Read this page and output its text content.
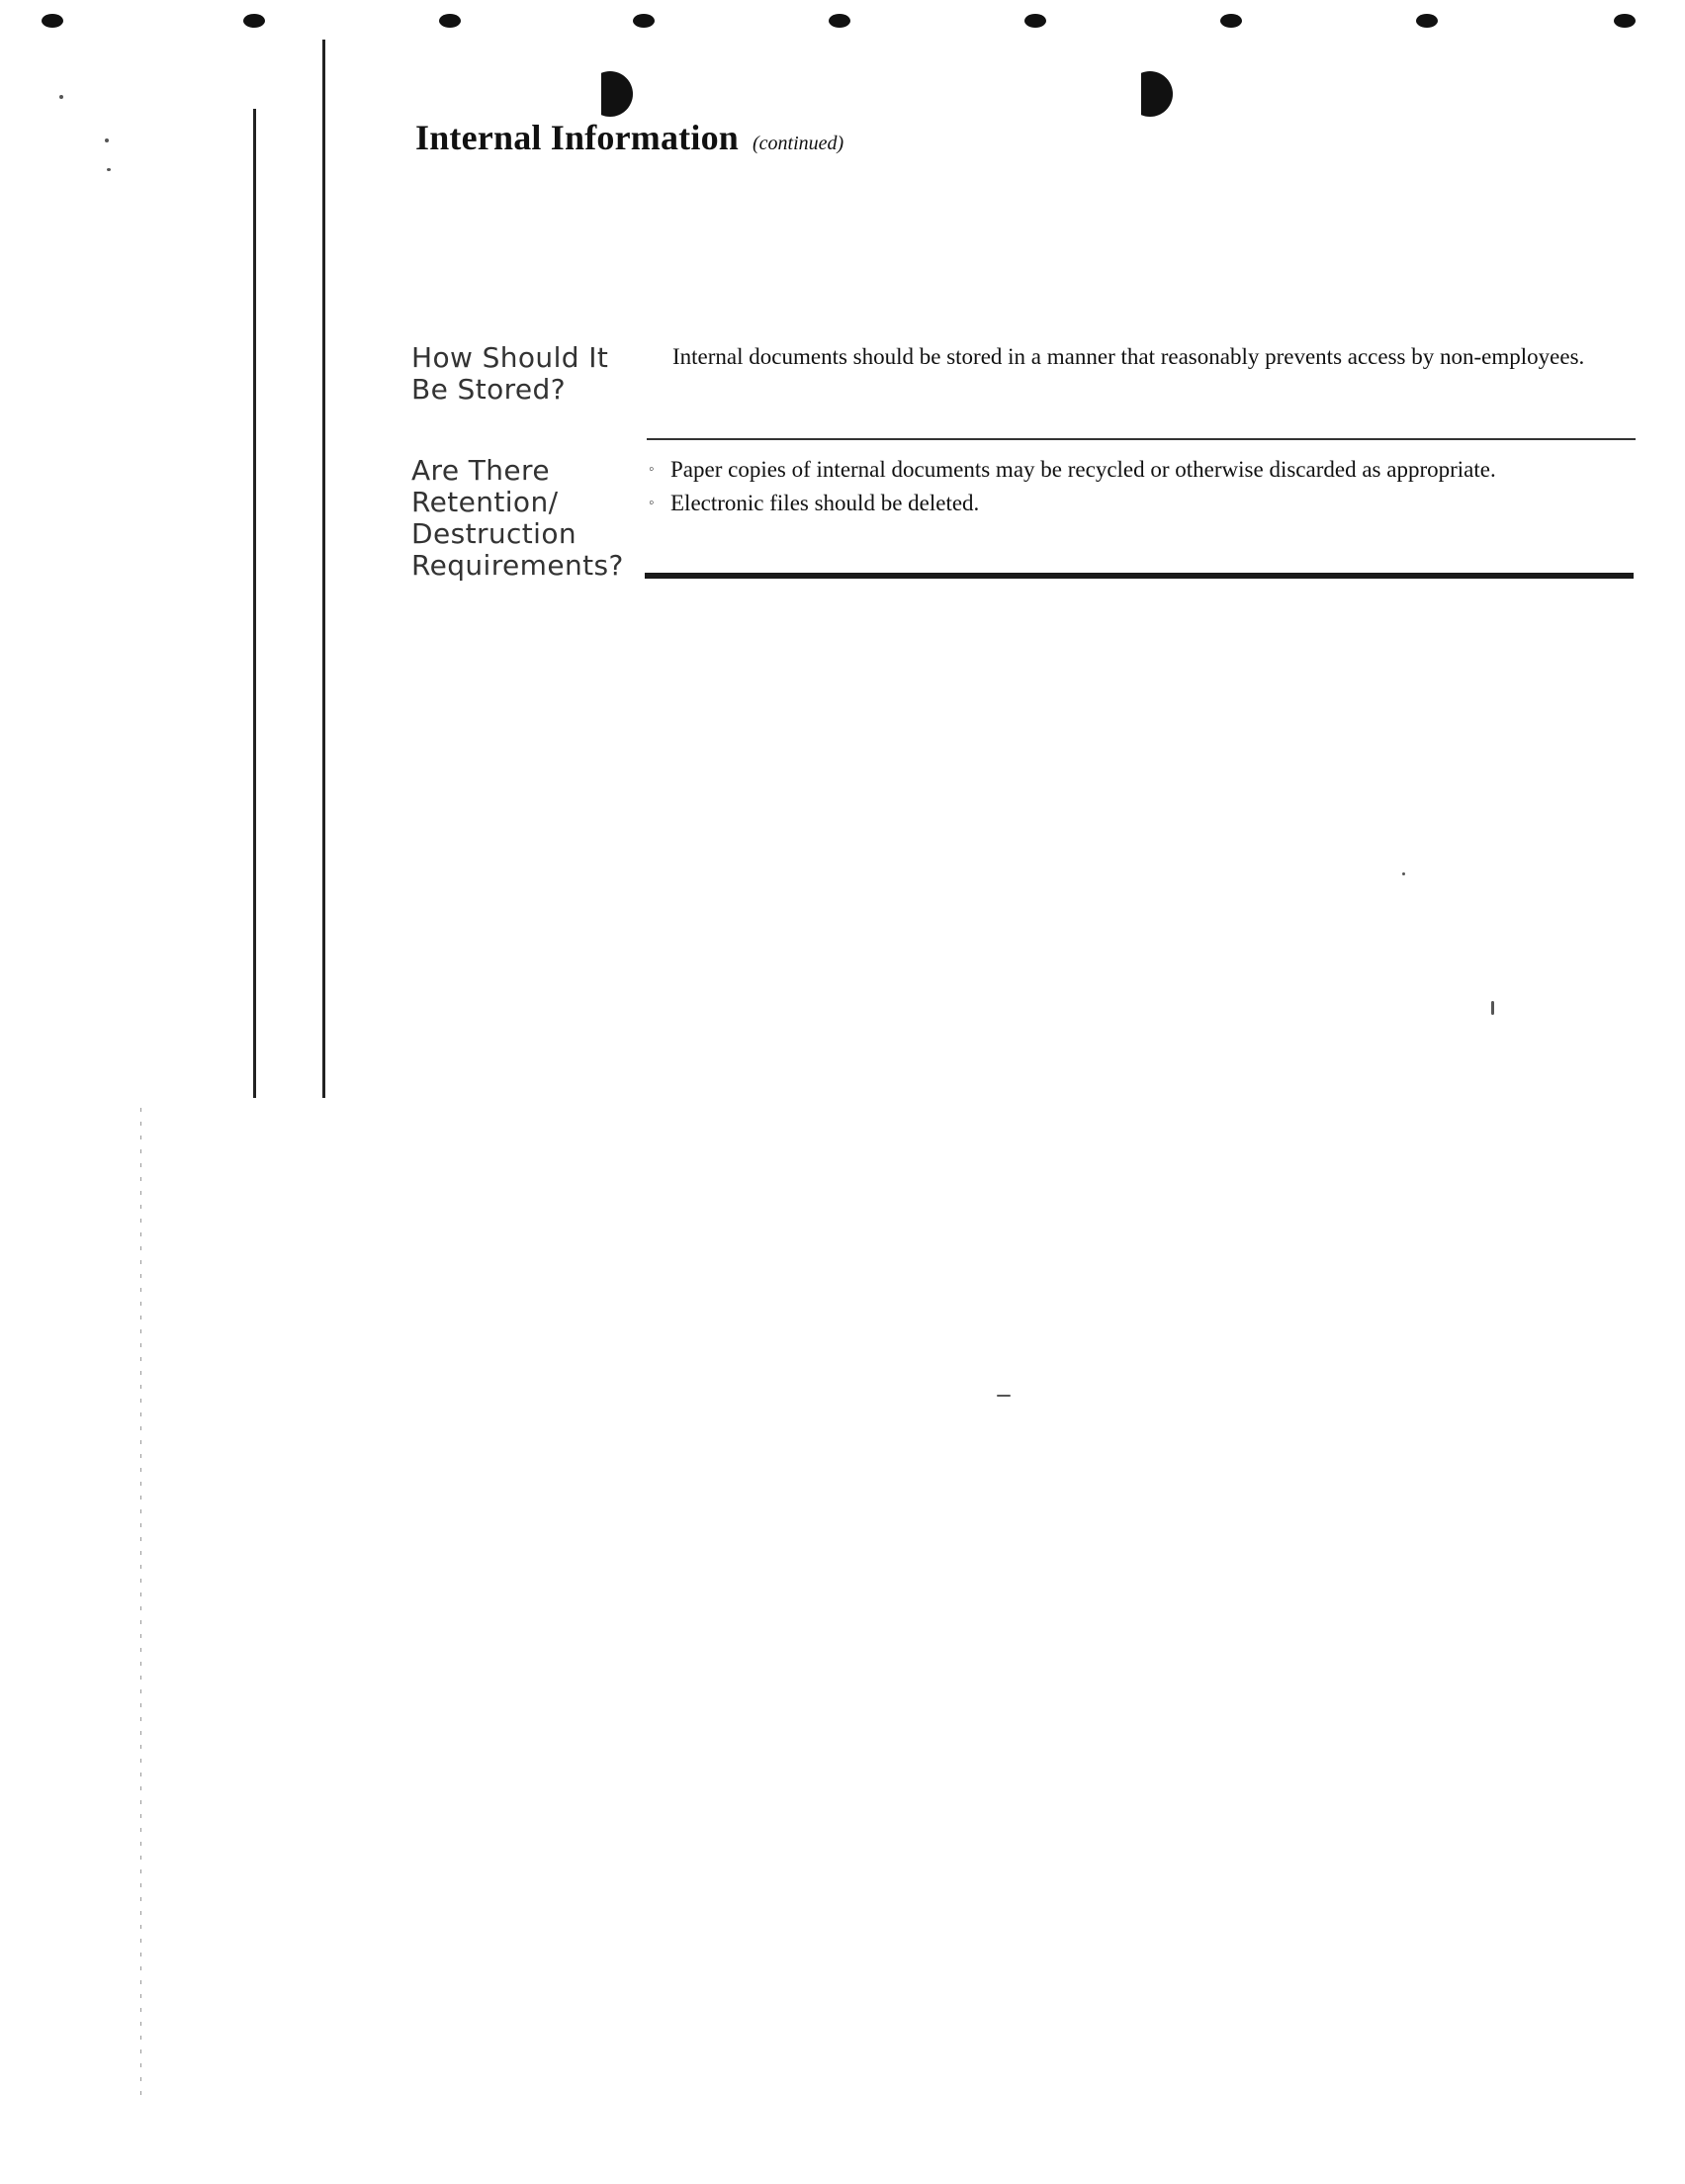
Internal Information (continued)
How Should It
Be Stored?

Internal documents should be stored in a manner that reasonably prevents access by non-employees.

Are There
Retention/
Destruction
Requirements?
◦ Paper copies of internal documents may be recycled or otherwise discarded as appropriate.
◦ Electronic files should be deleted.
